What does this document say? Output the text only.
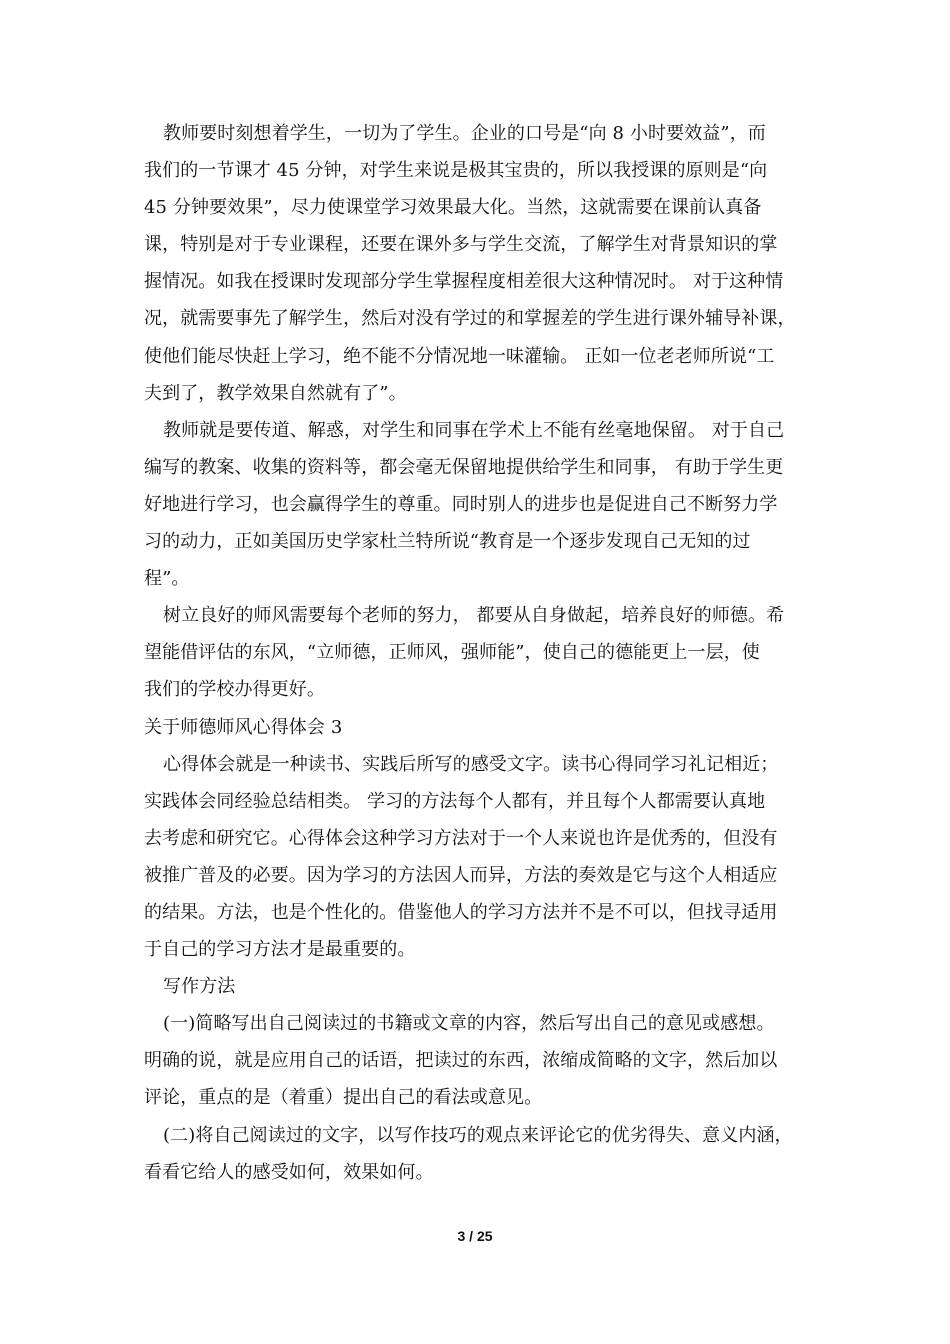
教师要时刻想着学生，一切为了学生。企业的口号是“向 8 小时要效益”，而
我们的一节课才 45 分钟，对学生来说是极其宝贵的，所以我授课的原则是“向
45 分钟要效果”，尽力使课堂学习效果最大化。当然，这就需要在课前认真备
课，特别是对于专业课程，还要在课外多与学生交流，了解学生对背景知识的掌
握情况。如我在授课时发现部分学生掌握程度相差很大这种情况时。 对于这种情
况，就需要事先了解学生，然后对没有学过的和掌握差的学生进行课外辅导补课，
使他们能尽快赶上学习，绝不能不分情况地一味灌输。 正如一位老老师所说“工
夫到了，教学效果自然就有了”。
教师就是要传道、解惑，对学生和同事在学术上不能有丝毫地保留。 对于自己
编写的教案、收集的资料等，都会毫无保留地提供给学生和同事， 有助于学生更
好地进行学习，也会赢得学生的尊重。同时别人的进步也是促进自己不断努力学
习的动力，正如美国历史学家杜兰特所说“教育是一个逐步发现自己无知的过
程”。
树立良好的师风需要每个老师的努力， 都要从自身做起，培养良好的师德。希
望能借评估的东风，“立师德，正师风，强师能”，使自己的德能更上一层，使
我们的学校办得更好。
关于师德师风心得体会 3
心得体会就是一种读书、实践后所写的感受文字。读书心得同学习礼记相近；
实践体会同经验总结相类。 学习的方法每个人都有，并且每个人都需要认真地
去考虑和研究它。心得体会这种学习方法对于一个人来说也许是优秀的，但没有
被推广普及的必要。因为学习的方法因人而异，方法的奏效是它与这个人相适应
的结果。方法，也是个性化的。借鉴他人的学习方法并不是不可以，但找寻适用
于自己的学习方法才是最重要的。
写作方法
(一)简略写出自己阅读过的书籍或文章的内容，然后写出自己的意见或感想。
明确的说，就是应用自己的话语，把读过的东西，浓缩成简略的文字，然后加以
评论，重点的是（着重）提出自己的看法或意见。
(二)将自己阅读过的文字，以写作技巧的观点来评论它的优劣得失、意义内涵，
看看它给人的感受如何，效果如何。
3 / 25
